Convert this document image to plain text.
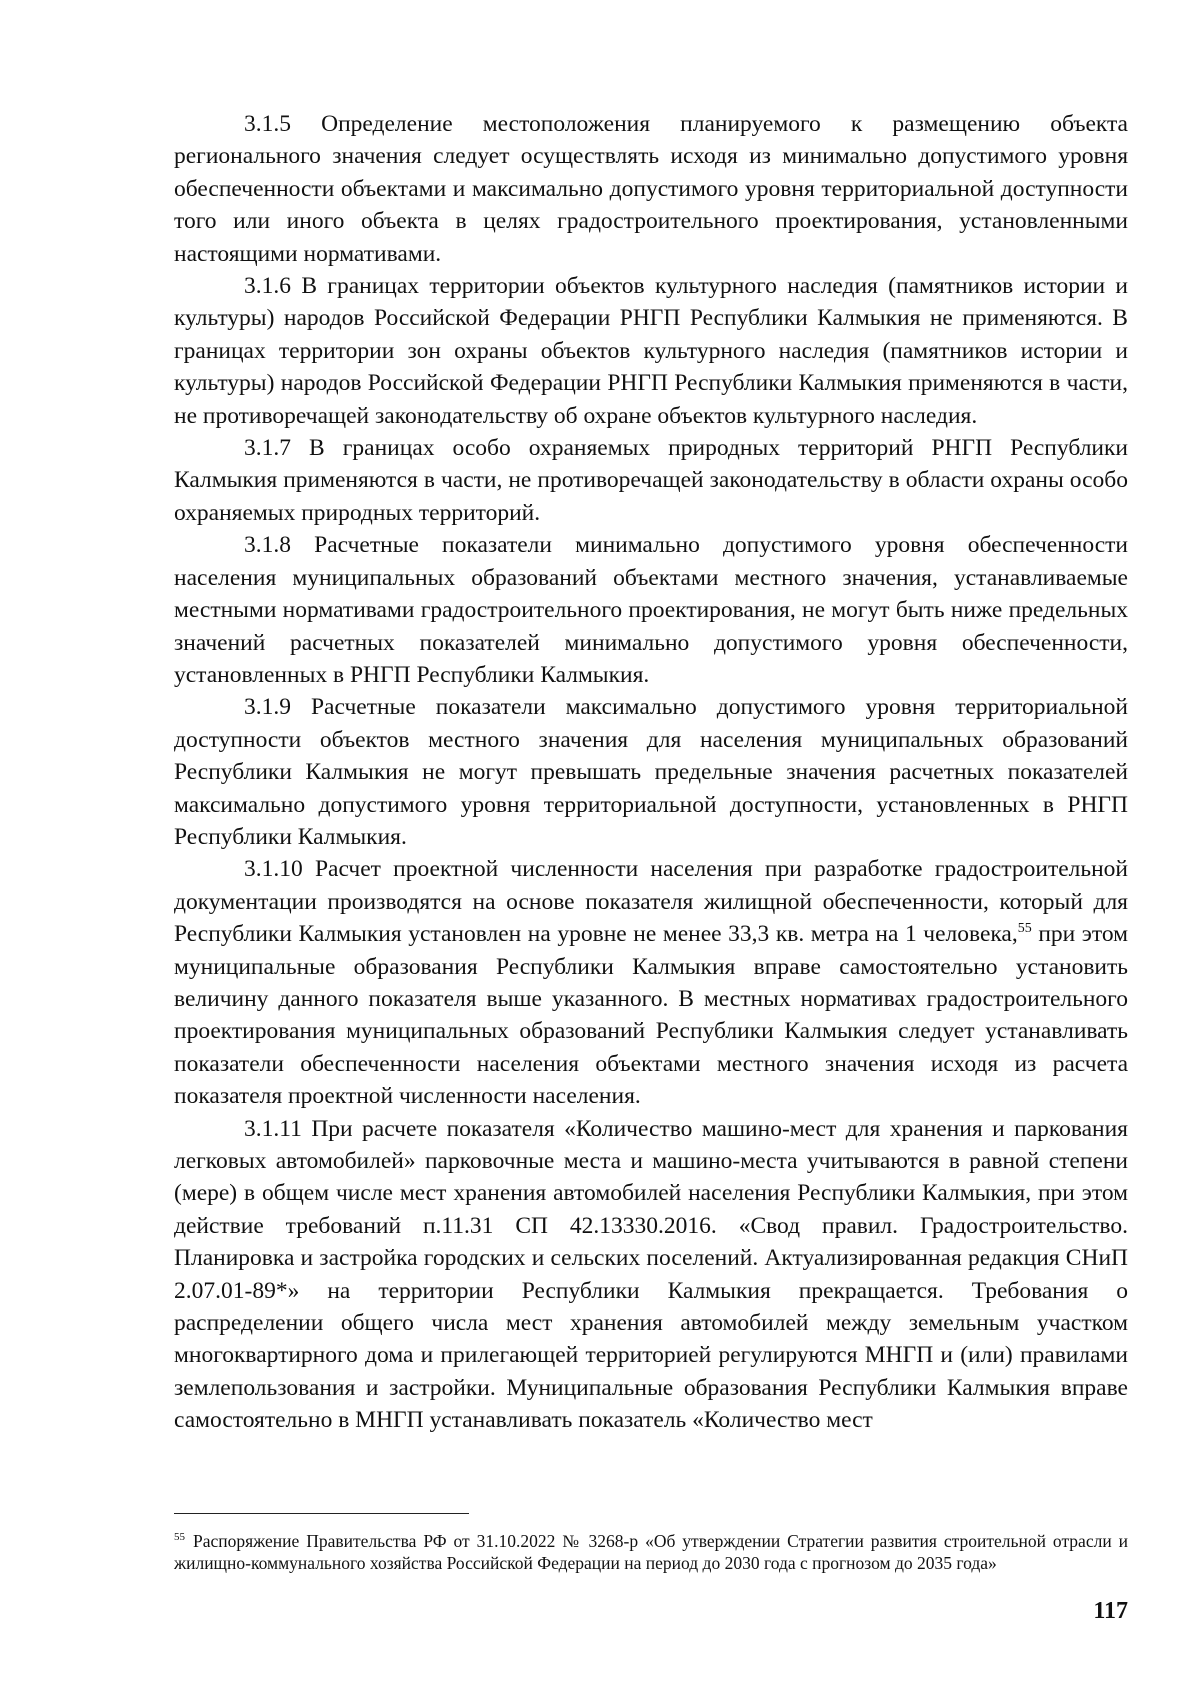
3.1.5 Определение местоположения планируемого к размещению объекта регионального значения следует осуществлять исходя из минимально допустимого уровня обеспеченности объектами и максимально допустимого уровня территориальной доступности того или иного объекта в целях градостроительного проектирования, установленными настоящими нормативами.

3.1.6 В границах территории объектов культурного наследия (памятников истории и культуры) народов Российской Федерации РНГП Республики Калмыкия не применяются. В границах территории зон охраны объектов культурного наследия (памятников истории и культуры) народов Российской Федерации РНГП Республики Калмыкия применяются в части, не противоречащей законодательству об охране объектов культурного наследия.

3.1.7 В границах особо охраняемых природных территорий РНГП Республики Калмыкия применяются в части, не противоречащей законодательству в области охраны особо охраняемых природных территорий.

3.1.8 Расчетные показатели минимально допустимого уровня обеспеченности населения муниципальных образований объектами местного значения, устанавливаемые местными нормативами градостроительного проектирования, не могут быть ниже предельных значений расчетных показателей минимально допустимого уровня обеспеченности, установленных в РНГП Республики Калмыкия.

3.1.9 Расчетные показатели максимально допустимого уровня территориальной доступности объектов местного значения для населения муниципальных образований Республики Калмыкия не могут превышать предельные значения расчетных показателей максимально допустимого уровня территориальной доступности, установленных в РНГП Республики Калмыкия.

3.1.10 Расчет проектной численности населения при разработке градостроительной документации производятся на основе показателя жилищной обеспеченности, который для Республики Калмыкия установлен на уровне не менее 33,3 кв. метра на 1 человека,$^{55}$ при этом муниципальные образования Республики Калмыкия вправе самостоятельно установить величину данного показателя выше указанного. В местных нормативах градостроительного проектирования муниципальных образований Республики Калмыкия следует устанавливать показатели обеспеченности населения объектами местного значения исходя из расчета показателя проектной численности населения.

3.1.11 При расчете показателя «Количество машино-мест для хранения и паркования легковых автомобилей» парковочные места и машино-места учитываются в равной степени (мере) в общем числе мест хранения автомобилей населения Республики Калмыкия, при этом действие требований п.11.31 СП 42.13330.2016. «Свод правил. Градостроительство. Планировка и застройка городских и сельских поселений. Актуализированная редакция СНиП 2.07.01-89*» на территории Республики Калмыкия прекращается. Требования о распределении общего числа мест хранения автомобилей между земельным участком многоквартирного дома и прилегающей территорией регулируются МНГП и (или) правилами землепользования и застройки. Муниципальные образования Республики Калмыкия вправе самостоятельно в МНГП устанавливать показатель «Количество мест

$^{55}$ Распоряжение Правительства РФ от 31.10.2022 № 3268-р «Об утверждении Стратегии развития строительной отрасли и жилищно-коммунального хозяйства Российской Федерации на период до 2030 года с прогнозом до 2035 года»

117
